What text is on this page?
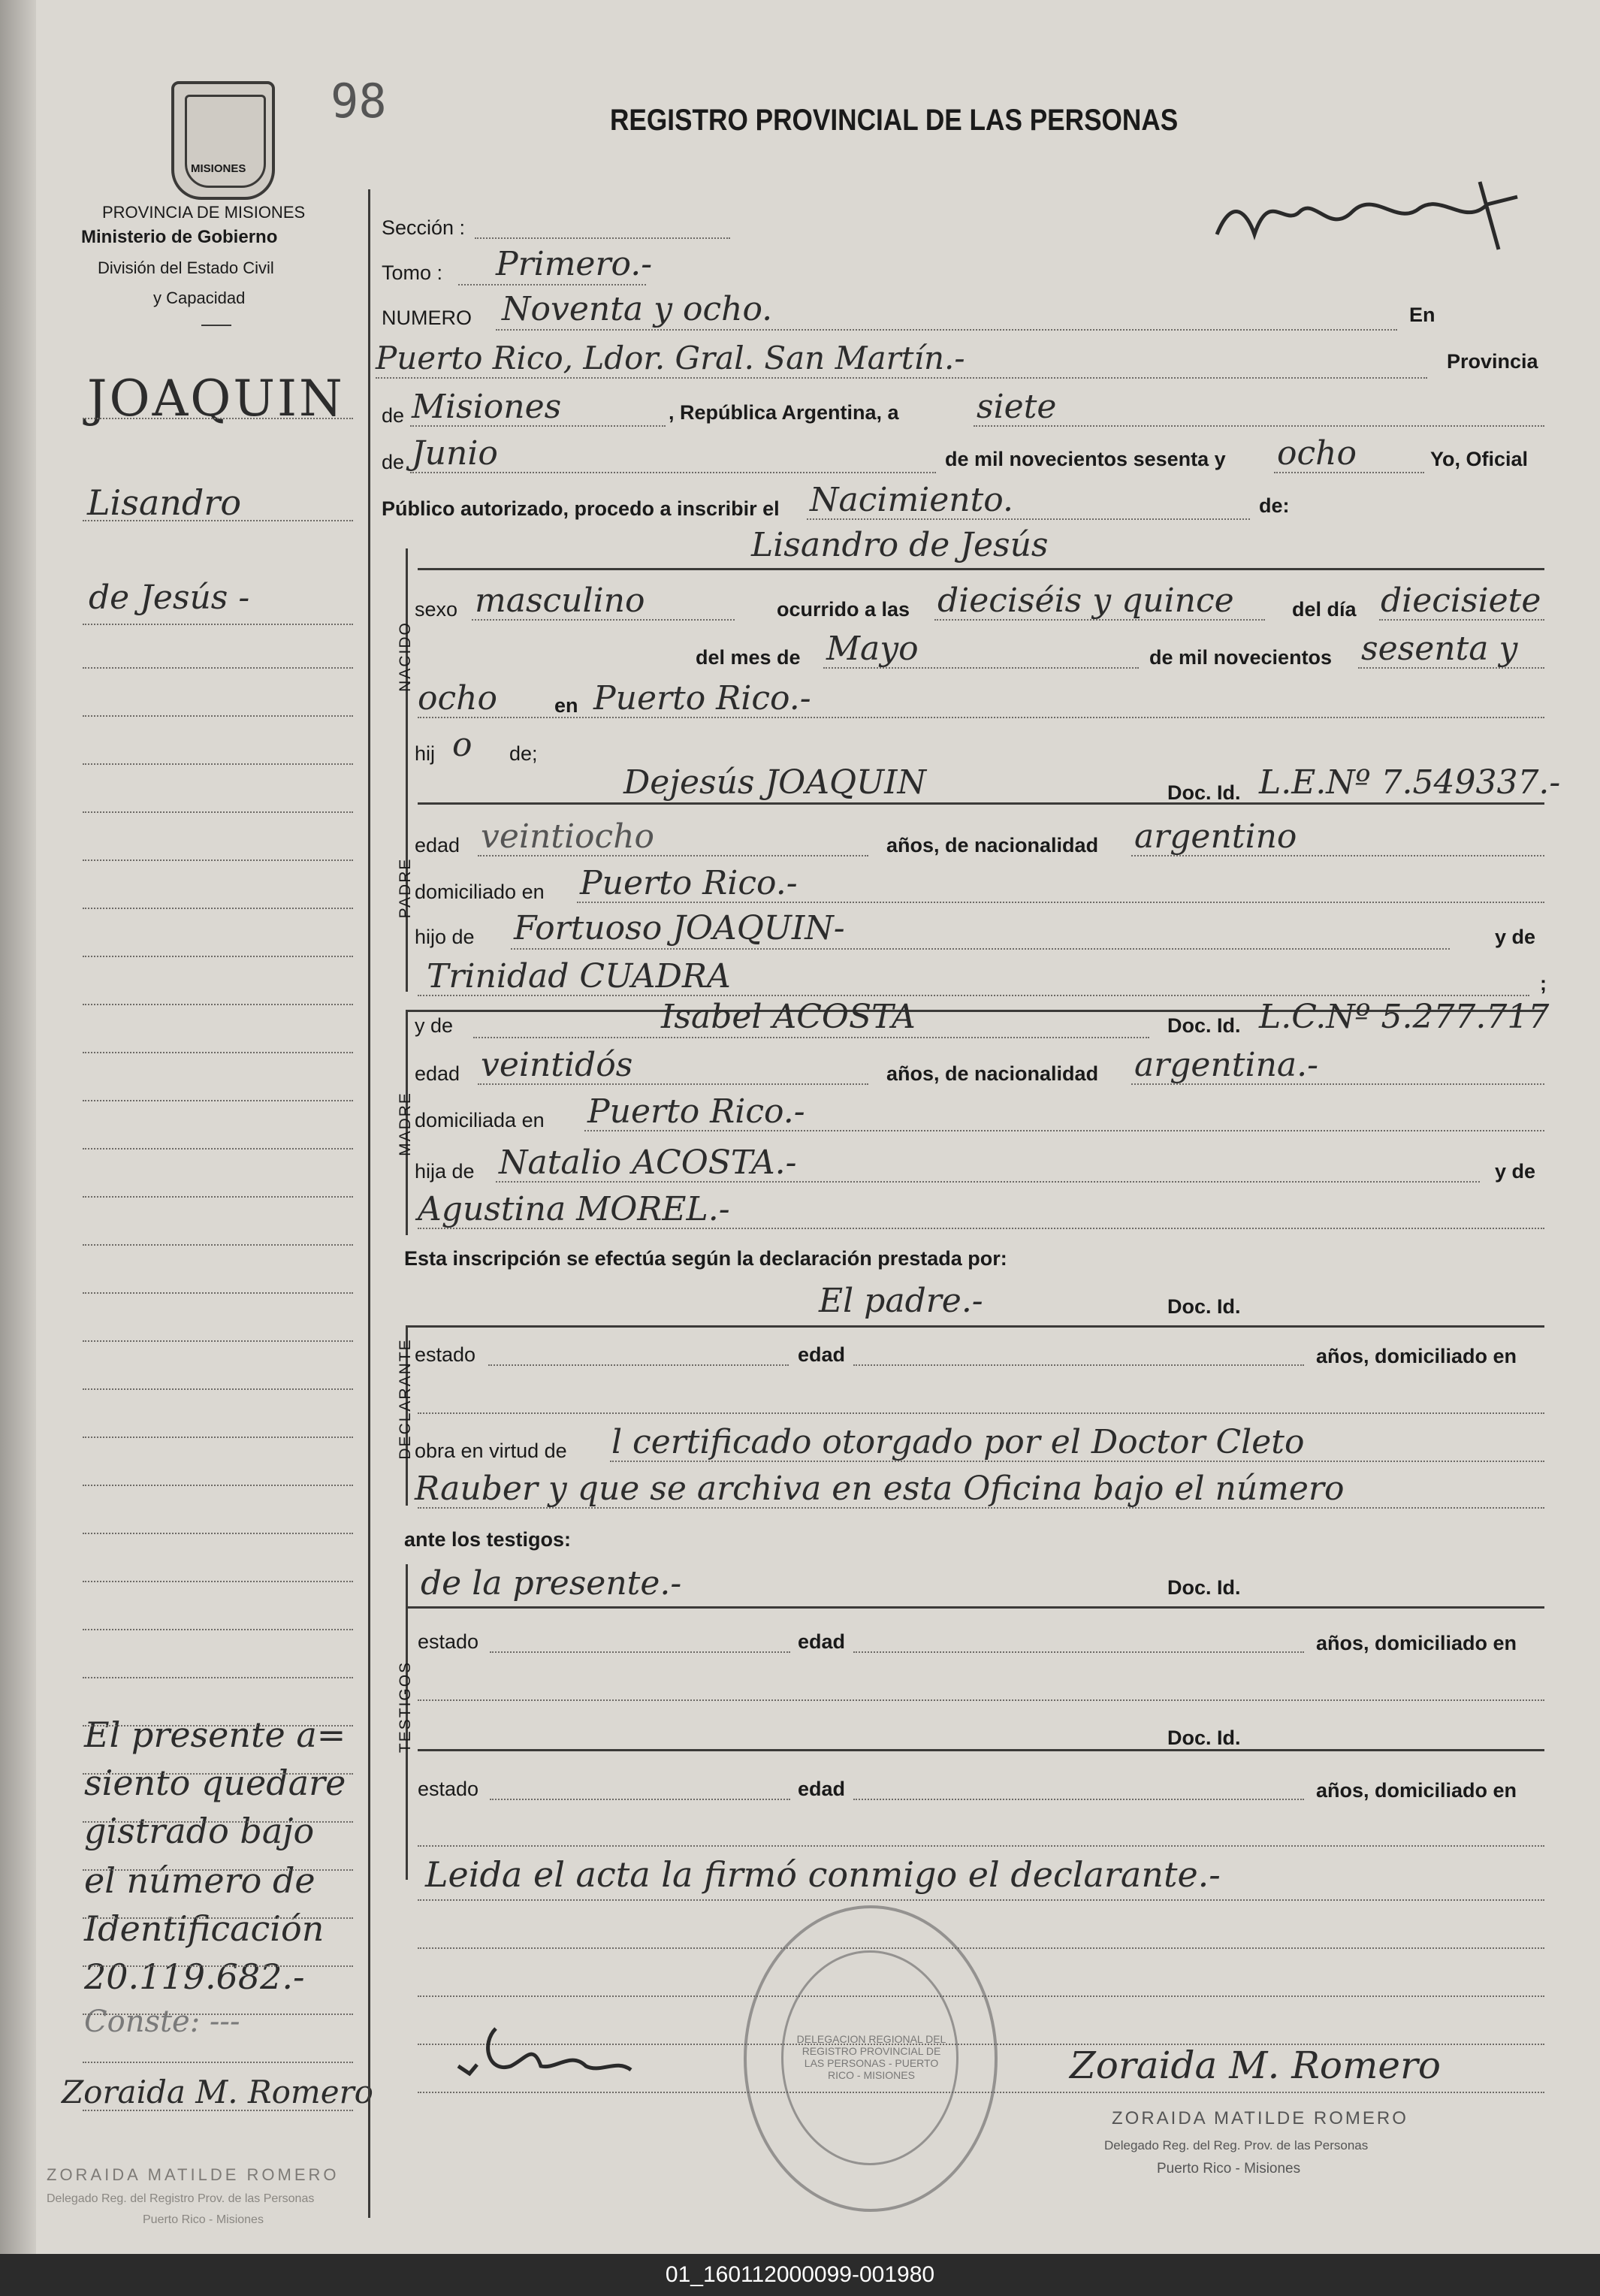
MISIONES
98	REGISTRO PROVINCIAL DE LAS PERSONAS
PROVINCIA DE MISIONES
Ministerio de Gobierno
División del Estado Civil
y Capacidad
JOAQUIN
Lisandro
de Jesús -
El presente a=
siento quedare
gistrado bajo
el número de
Identificación
20.119.682.-
Conste: ---
Zoraida M. Romero
ZORAIDA MATILDE ROMERO
Delegado Reg. del Registro Prov. de las Personas
Puerto Rico - Misiones
Sección :
Tomo : Primero.-
NUMERO Noventa y ocho.	En
Puerto Rico, Ldor. Gral. San Martín.-	Provincia
de Misiones	, República Argentina, a siete
de Junio	de mil novecientos sesenta y ocho	Yo, Oficial
Público autorizado, procedo a inscribir el Nacimiento.	de:
NACIDO
Lisandro de Jesús
sexo masculino	ocurrido a las dieciséis y quince	del día diecisiete
del mes de Mayo	de mil novecientos sesenta y
ocho	en Puerto Rico.-
hij o de;
PADRE
Dejesús JOAQUIN	Doc. Id. L.E.Nº 7.549337.-
edad veintiocho	años, de nacionalidad argentino
domiciliado en Puerto Rico.-
hijo de Fortuoso JOAQUIN-	y de
Trinidad CUADRA	;
MADRE
y de	Isabel ACOSTA	Doc. Id. L.C.Nº 5.277.717
edad veintidós	años, de nacionalidad argentina.-
domiciliada en Puerto Rico.-
hija de Natalio ACOSTA.-	y de
Agustina MOREL.-
Esta inscripción se efectúa según la declaración prestada por:
DECLARANTE
El padre.-	Doc. Id.
estado	edad	años, domiciliado en
obra en virtud de l certificado otorgado por el Doctor Cleto
Rauber y que se archiva en esta Oficina bajo el número
ante los testigos:
TESTIGOS
de la presente.-	Doc. Id.
estado	edad	años, domiciliado en
Doc. Id.
estado	edad	años, domiciliado en
Leida el acta la firmó conmigo el declarante.-
DELEGACION REGIONAL DEL REGISTRO PROVINCIAL DE LAS PERSONAS - PUERTO RICO - MISIONES	Zoraida M. Romero
ZORAIDA MATILDE ROMERO
Delegado Reg. del Reg. Prov. de las Personas
Puerto Rico - Misiones
01_160112000099-001980
